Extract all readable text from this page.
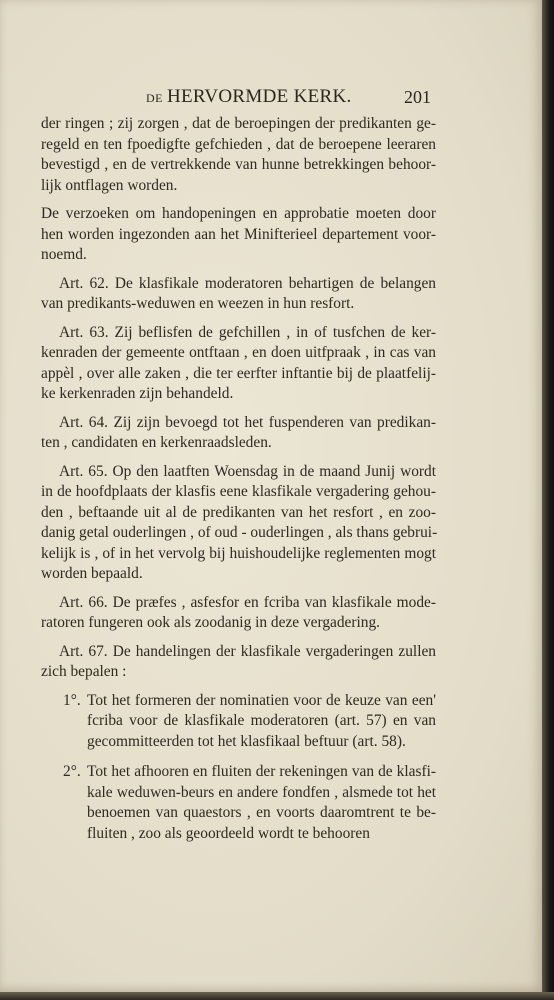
DE HERVORMDE KERK.	201
der ringen ; zij zorgen , dat de beroepingen der predikanten ge-
regeld en ten fpoedigfte gefchieden , dat de beroepene leeraren
bevestigd , en de vertrekkende van hunne betrekkingen behoor-
lijk ontflagen worden.
De verzoeken om handopeningen en approbatie moeten door
hen worden ingezonden aan het Minifterieel departement voor-
noemd.
Art. 62. De klasfikale moderatoren behartigen de belangen
van predikants-weduwen en weezen in hun resfort.
Art. 63. Zij beflisfen de gefchillen , in of tusfchen de ker-
kenraden der gemeente ontftaan , en doen uitfpraak , in cas van
appèl , over alle zaken , die ter eerfter inftantie bij de plaatfelij-
ke kerkenraden zijn behandeld.
Art. 64. Zij zijn bevoegd tot het fuspenderen van predikan-
ten , candidaten en kerkenraadsleden.
Art. 65. Op den laatften Woensdag in de maand Junij wordt
in de hoofdplaats der klasfis eene klasfikale vergadering gehou-
den , beftaande uit al de predikanten van het resfort , en zoo-
danig getal ouderlingen , of oud - ouderlingen , als thans gebrui-
kelijk is , of in het vervolg bij huishoudelijke reglementen mogt
worden bepaald.
Art. 66. De præfes , asfesfor en fcriba van klasfikale mode-
ratoren fungeren ook als zoodanig in deze vergadering.
Art. 67. De handelingen der klasfikale vergaderingen zullen
zich bepalen :
1°. Tot het formeren der nominatien voor de keuze van een'
fcriba voor de klasfikale moderatoren (art. 57) en van
gecommitteerden tot het klasfikaal beftuur (art. 58).
2°. Tot het afhooren en fluiten der rekeningen van de klasfi-
kale weduwen-beurs en andere fondfen , alsmede tot het
benoemen van quaestors , en voorts daaromtrent te be-
fluiten , zoo als geoordeeld wordt te behooren
